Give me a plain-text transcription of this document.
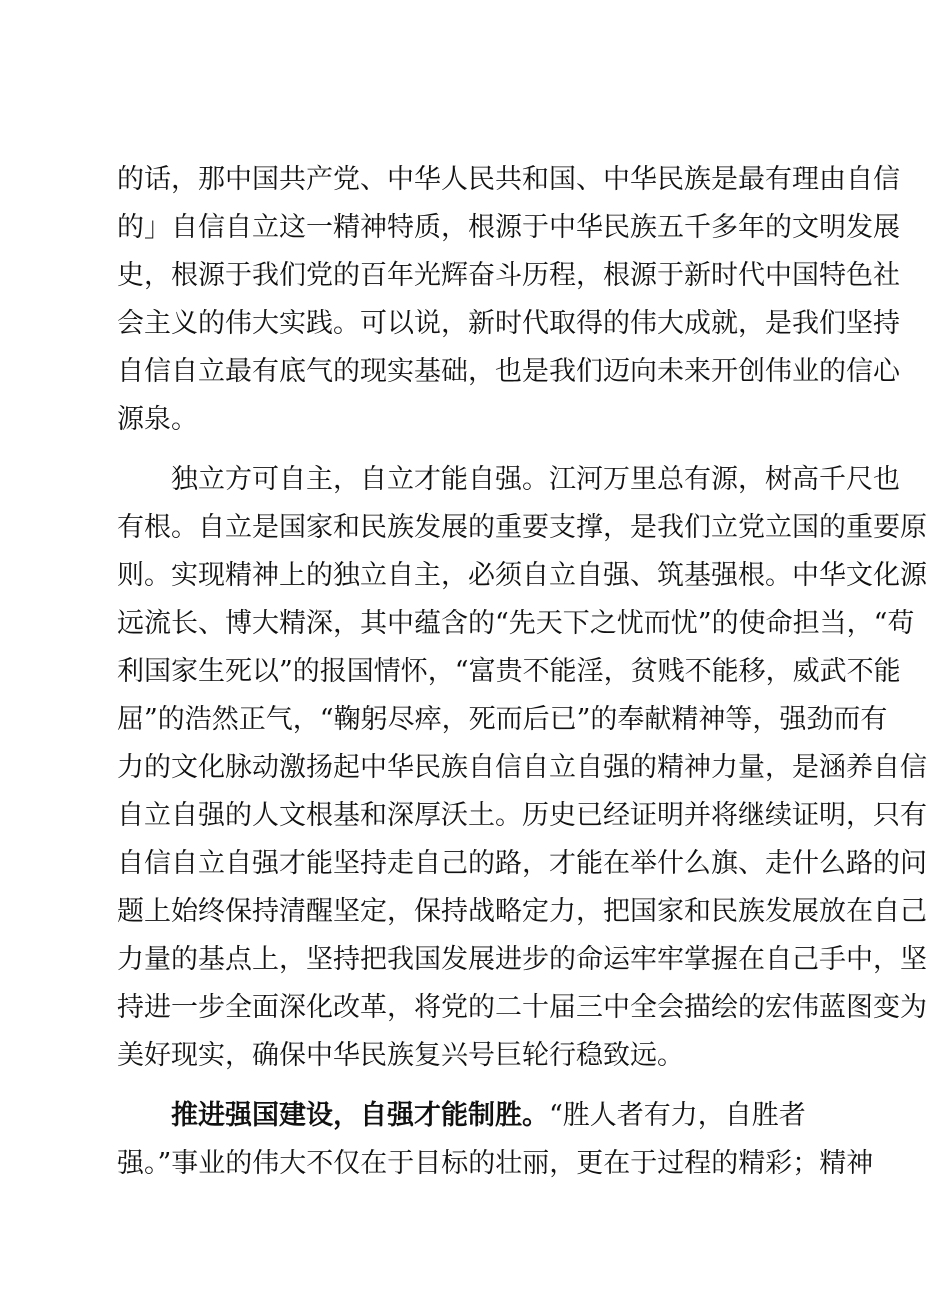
的话，那中国共产党、中华人民共和国、中华民族是最有理由自信
的」自信自立这一精神特质，根源于中华民族五千多年的文明发展
史，根源于我们党的百年光辉奋斗历程，根源于新时代中国特色社
会主义的伟大实践。可以说，新时代取得的伟大成就，是我们坚持
自信自立最有底气的现实基础，也是我们迈向未来开创伟业的信心
源泉。
独立方可自主，自立才能自强。江河万里总有源，树高千尺也
有根。自立是国家和民族发展的重要支撑，是我们立党立国的重要原
则。实现精神上的独立自主，必须自立自强、筑基强根。中华文化源
远流长、博大精深，其中蕴含的“先天下之忧而忧”的使命担当，“苟
利国家生死以”的报国情怀，“富贵不能淫，贫贱不能移，威武不能
屈”的浩然正气，“鞠躬尽瘁，死而后已”的奉献精神等，强劲而有
力的文化脉动激扬起中华民族自信自立自强的精神力量，是涵养自信
自立自强的人文根基和深厚沃土。历史已经证明并将继续证明，只有
自信自立自强才能坚持走自己的路，才能在举什么旗、走什么路的问
题上始终保持清醒坚定，保持战略定力，把国家和民族发展放在自己
力量的基点上，坚持把我国发展进步的命运牢牢掌握在自己手中，坚
持进一步全面深化改革，将党的二十届三中全会描绘的宏伟蓝图变为
美好现实，确保中华民族复兴号巨轮行稳致远。
推进强国建设，自强才能制胜。“胜人者有力，自胜者
强。”事业的伟大不仅在于目标的壮丽，更在于过程的精彩；精神
